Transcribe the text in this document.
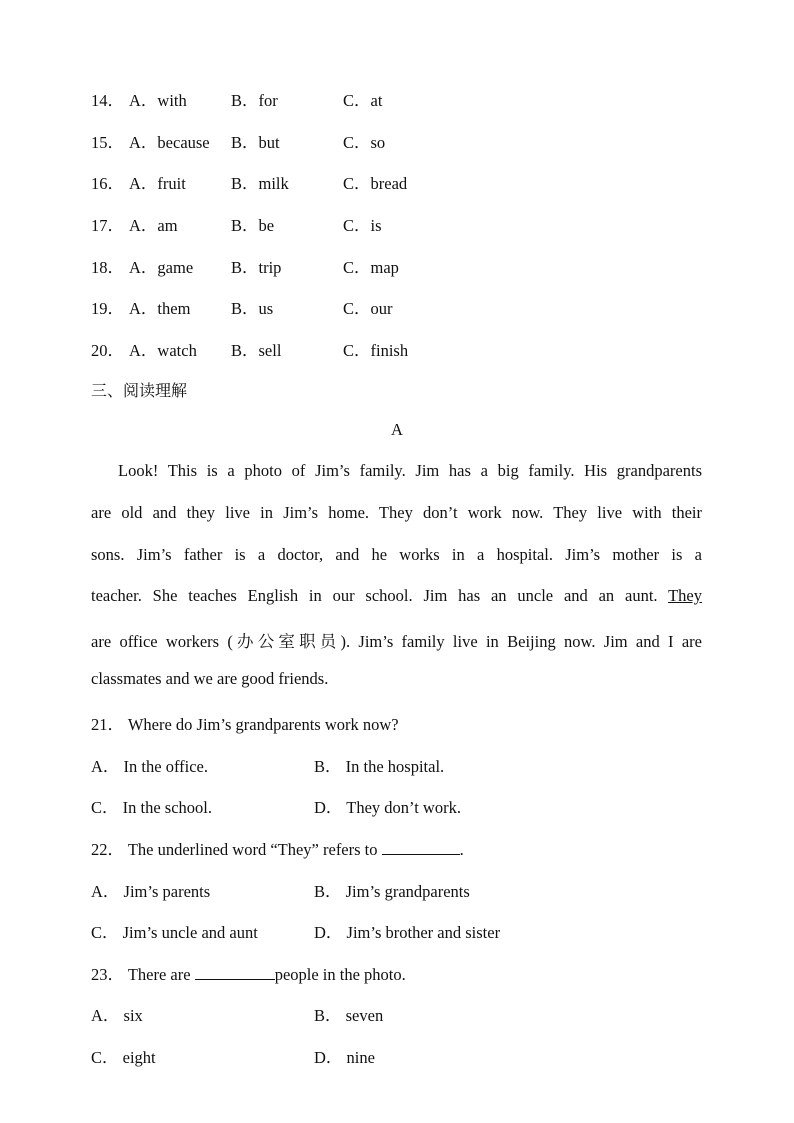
14． A．with	B．for	C．at
15． A．because B．but	C．so
16． A．fruit	B．milk	C．bread
17． A．am	B．be	C．is
18． A．game B．trip	C．map
19． A．them B．us	C．our
20． A．watch B．sell	C．finish
三、阅读理解
A
Look! This is a photo of Jim’s family. Jim has a big family. His grandparents
are old and they live in Jim’s home. They don’t work now. They live with their
sons. Jim’s father is a doctor, and he works in a hospital. Jim’s mother is a
teacher. She teaches English in our school. Jim has an uncle and an aunt. They
are office workers (办公室职员). Jim’s family live in Beijing now. Jim and I are
classmates and we are good friends.
21． Where do Jim’s grandparents work now?
A． In the office.	B． In the hospital.
C． In the school.	D． They don’t work.
22． The underlined word “They” refers to	.
A． Jim’s parents	B． Jim’s grandparents
C． Jim’s uncle and aunt	D． Jim’s brother and sister
23． There are	people in the photo.
A． six	B． seven
C． eight	D． nine
